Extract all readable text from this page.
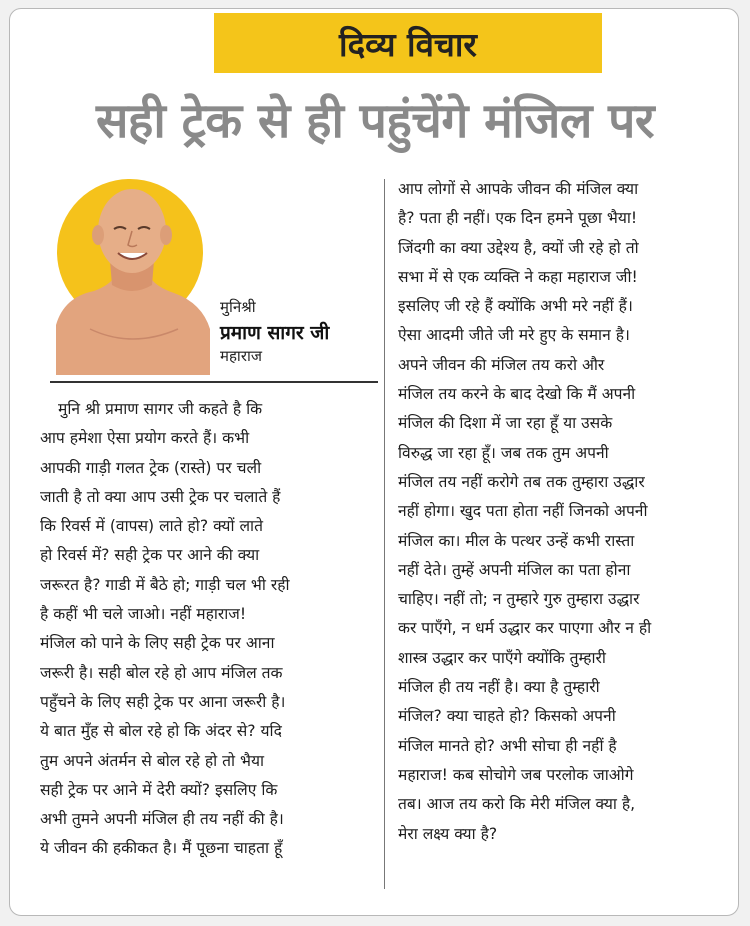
दिव्य विचार
सही ट्रेक से ही पहुंचेंगे मंजिल पर
मुनिश्री
प्रमाण सागर जी
महाराज
मुनि श्री प्रमाण सागर जी कहते है कि
आप हमेशा ऐसा प्रयोग करते हैं। कभी
आपकी गाड़ी गलत ट्रेक (रास्ते) पर चली
जाती है तो क्या आप उसी ट्रेक पर चलाते हैं
कि रिवर्स में (वापस) लाते हो? क्यों लाते
हो रिवर्स में? सही ट्रेक पर आने की क्या
जरूरत है? गाडी में बैठे हो; गाड़ी चल भी रही
है कहीं भी चले जाओ। नहीं महाराज!
मंजिल को पाने के लिए सही ट्रेक पर आना
जरूरी है। सही बोल रहे हो आप मंजिल तक
पहुँचने के लिए सही ट्रेक पर आना जरूरी है।
ये बात मुँह से बोल रहे हो कि अंदर से? यदि
तुम अपने अंतर्मन से बोल रहे हो तो भैया
सही ट्रेक पर आने में देरी क्यों? इसलिए कि
अभी तुमने अपनी मंजिल ही तय नहीं की है।
ये जीवन की हकीकत है। मैं पूछना चाहता हूँ
आप लोगों से आपके जीवन की मंजिल क्या
है? पता ही नहीं। एक दिन हमने पूछा भैया!
जिंदगी का क्या उद्देश्य है, क्यों जी रहे हो तो
सभा में से एक व्यक्ति ने कहा महाराज जी!
इसलिए जी रहे हैं क्योंकि अभी मरे नहीं हैं।
ऐसा आदमी जीते जी मरे हुए के समान है।
अपने जीवन की मंजिल तय करो और
मंजिल तय करने के बाद देखो कि मैं अपनी
मंजिल की दिशा में जा रहा हूँ या उसके
विरुद्ध जा रहा हूँ। जब तक तुम अपनी
मंजिल तय नहीं करोगे तब तक तुम्हारा उद्धार
नहीं होगा। खुद पता होता नहीं जिनको अपनी
मंजिल का। मील के पत्थर उन्हें कभी रास्ता
नहीं देते। तुम्हें अपनी मंजिल का पता होना
चाहिए। नहीं तो; न तुम्हारे गुरु तुम्हारा उद्धार
कर पाएँगे, न धर्म उद्धार कर पाएगा और न ही
शास्त्र उद्धार कर पाएँगे क्योंकि तुम्हारी
मंजिल ही तय नहीं है। क्या है तुम्हारी
मंजिल? क्या चाहते हो? किसको अपनी
मंजिल मानते हो? अभी सोचा ही नहीं है
महाराज! कब सोचोगे जब परलोक जाओगे
तब। आज तय करो कि मेरी मंजिल क्या है,
मेरा लक्ष्य क्या है?
